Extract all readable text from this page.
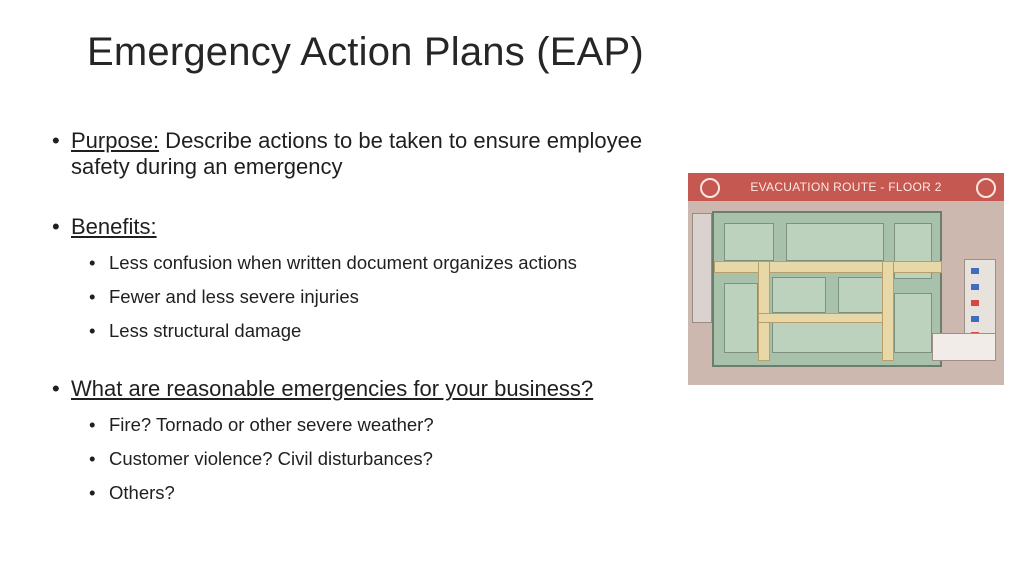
Emergency Action Plans (EAP)
• Purpose: Describe actions to be taken to ensure employee safety during an emergency
• Benefits:
• Less confusion when written document organizes actions
• Fewer and less severe injuries
• Less structural damage
• What are reasonable emergencies for your business?
• Fire? Tornado or other severe weather?
• Customer violence? Civil disturbances?
• Others?
EVACUATION ROUTE - FLOOR 2
